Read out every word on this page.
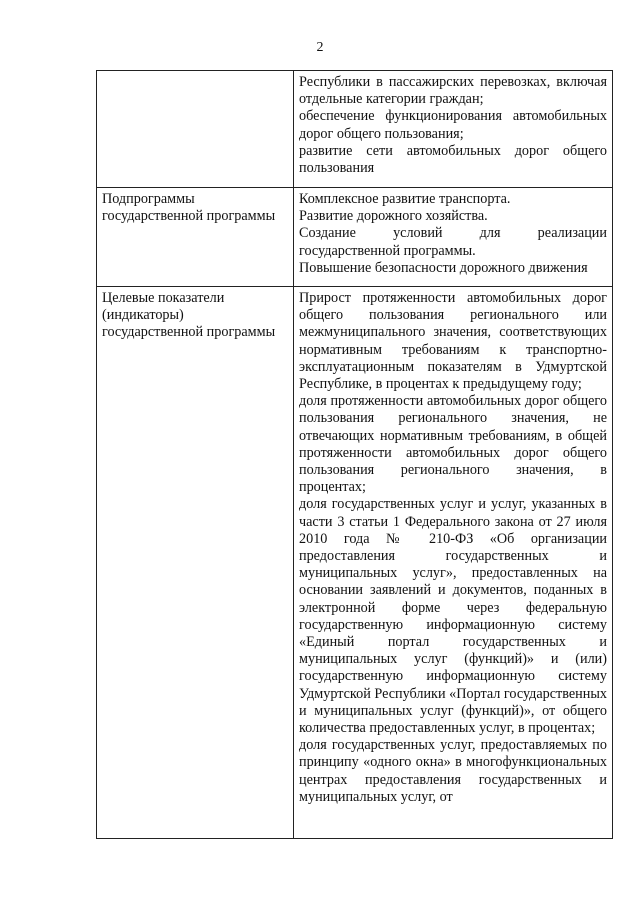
2

	Республики в пассажирских перевозках, включая отдельные категории граждан;
обеспечение функционирования автомобильных дорог общего пользования;
развитие сети автомобильных дорог общего пользования

Подпрограммы государственной программы	Комплексное развитие транспорта.
Развитие дорожного хозяйства.
Создание условий для реализации государственной программы.
Повышение безопасности дорожного движения

Целевые показатели (индикаторы) государственной программы	Прирост протяженности автомобильных дорог общего пользования регионального или межмуниципального значения, соответствующих нормативным требованиям к транспортно-эксплуатационным показателям в Удмуртской Республике, в процентах к предыдущему году;
доля протяженности автомобильных дорог общего пользования регионального значения, не отвечающих нормативным требованиям, в общей протяженности автомобильных дорог общего пользования регионального значения, в процентах;
доля государственных услуг и услуг, указанных в части 3 статьи 1 Федерального закона от 27 июля 2010 года № 210-ФЗ «Об организации предоставления государственных и муниципальных услуг», предоставленных на основании заявлений и документов, поданных в электронной форме через федеральную государственную информационную систему «Единый портал государственных и муниципальных услуг (функций)» и (или) государственную информационную систему Удмуртской Республики «Портал государственных и муниципальных услуг (функций)», от общего количества предоставленных услуг, в процентах;
доля государственных услуг, предоставляемых по принципу «одного окна» в многофункциональных центрах предоставления государственных и муниципальных услуг, от
